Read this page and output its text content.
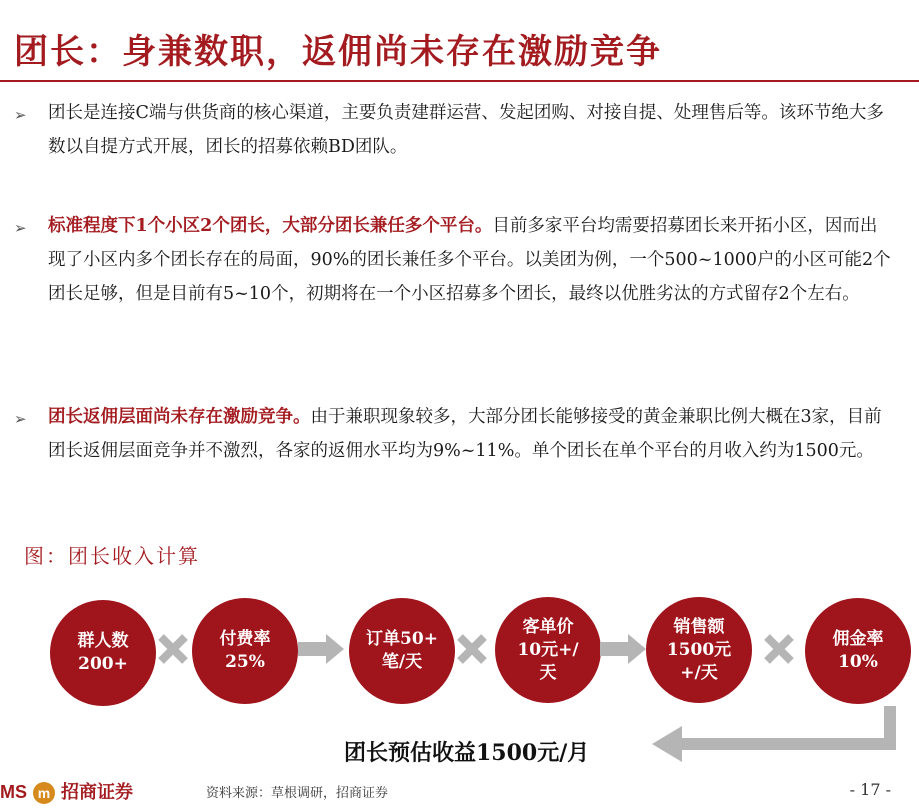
团长：身兼数职，返佣尚未存在激励竞争
➢ 团长是连接C端与供货商的核心渠道，主要负责建群运营、发起团购、对接自提、处理售后等。该环节绝大多数以自提方式开展，团长的招募依赖BD团队。
➢ 标准程度下1个小区2个团长，大部分团长兼任多个平台。目前多家平台均需要招募团长来开拓小区，因而出现了小区内多个团长存在的局面，90%的团长兼任多个平台。以美团为例，一个500~1000户的小区可能2个团长足够，但是目前有5~10个，初期将在一个小区招募多个团长，最终以优胜劣汰的方式留存2个左右。
➢ 团长返佣层面尚未存在激励竞争。由于兼职现象较多，大部分团长能够接受的黄金兼职比例大概在3家，目前团长返佣层面竞争并不激烈，各家的返佣水平均为9%~11%。单个团长在单个平台的月收入约为1500元。
图：团长收入计算
群人数
200+
付费率
25%
订单50+
笔/天
客单价
10元+/
天
销售额
1500元
+/天
佣金率
10%
团长预估收益1500元/月
MS m 招商证券	资料来源：草根调研，招商证券	- 17 -
